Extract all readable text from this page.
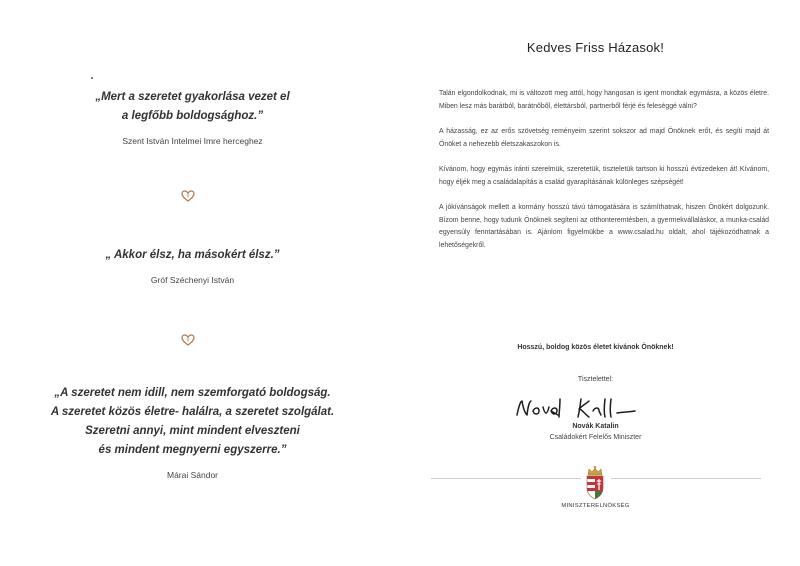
„Mert a szeretet gyakorlása vezet el
a legfőbb boldogsághoz.”
Szent István Intelmei Imre herceghez
„ Akkor élsz, ha másokért élsz.”
Gróf Széchenyi István
„A szeretet nem idill, nem szemforgató boldogság.
A szeretet közös életre- halálra, a szeretet szolgálat.
Szeretni annyi, mint mindent elveszteni
és mindent megnyerni egyszerre.”
Márai Sándor
Kedves Friss Házasok!

Talán elgondolkodnak, mi is változott meg attól, hogy hangosan is igent mondtak egymásra, a közös életre. Miben lesz más barátból, barátnőből, élettársból, partnerből férjé és feleséggé válni?

A házasság, ez az erős szövetség reményeim szerint sokszor ad majd Önöknek erőt, és segíti majd át Önöket a nehezebb életszakaszokon is.

Kívánom, hogy egymás iránti szerelmük, szeretetük, tiszteletük tartson ki hosszú évtizedeken át! Kívánom, hogy éljék meg a családalapítás a család gyarapításának különleges szépségét!

A jókívánságok mellett a kormány hosszú távú támogatására is számíthatnak, hiszen Önökért dolgozunk. Bízom benne, hogy tudunk Önöknek segíteni az otthonteremtésben, a gyermekvállaláskor, a munka-család egyensúly fenntartásában is. Ajánlom figyelmükbe a www.csalad.hu oldalt, ahol tájékozódhatnak a lehetőségekről.

Hosszú, boldog közös életet kívánok Önöknek!
Tisztelettel:
Novák Katalin
Családokért Felelős Miniszter
MINISZTERELNÖKSÉG
